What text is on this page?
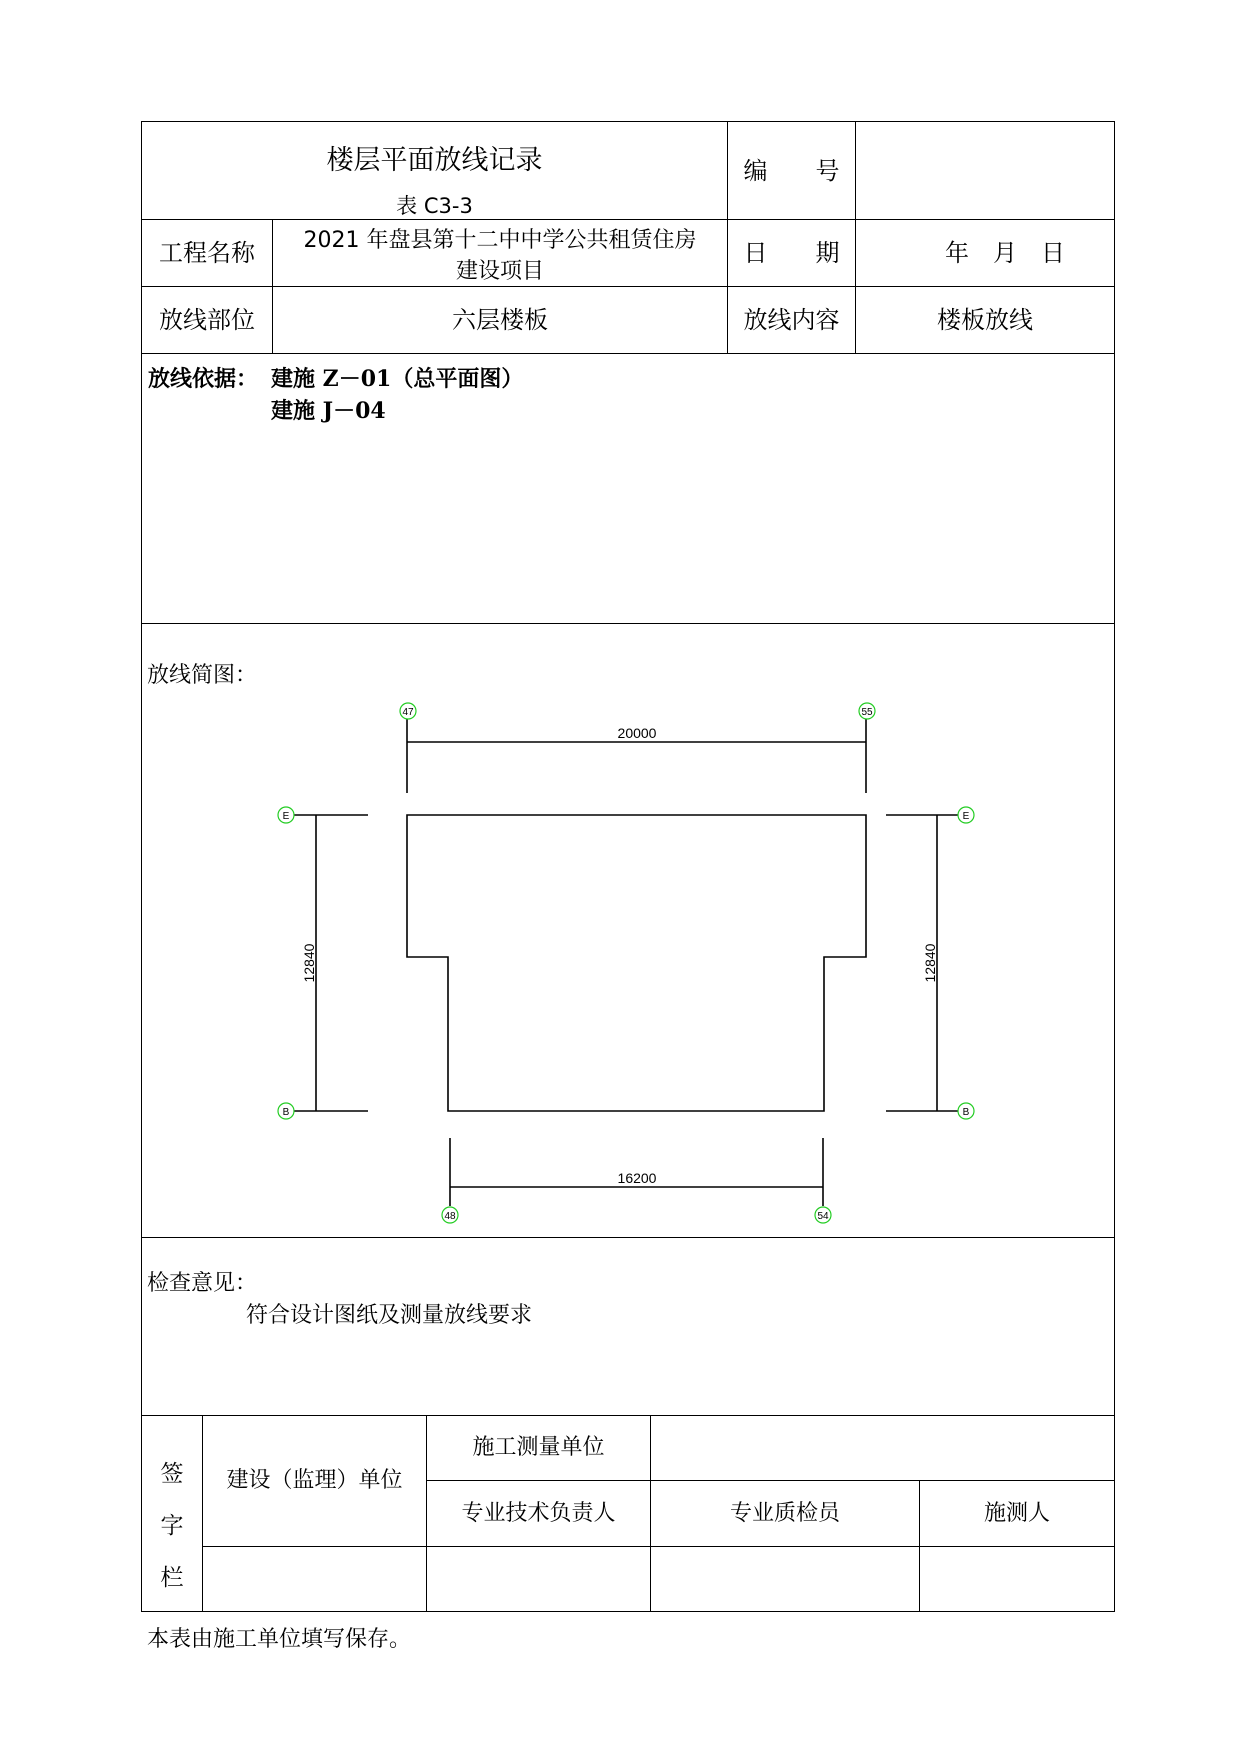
楼层平面放线记录
表 C3-3
编　　号
工程名称	2021 年盘县第十二中中学公共租赁住房
建设项目
日　　期	年　月　日
放线部位	六层楼板	放线内容	楼板放线
放线依据： 建施 Z－01（总平面图）
建施 J－04
放线简图：
47	55
48	54
E
B
E
B
20000
16200
12840	12840
检查意见：
符合设计图纸及测量放线要求
签
字
栏
建设（监理）单位
施工测量单位
专业技术负责人	专业质检员	施测人
本表由施工单位填写保存。
